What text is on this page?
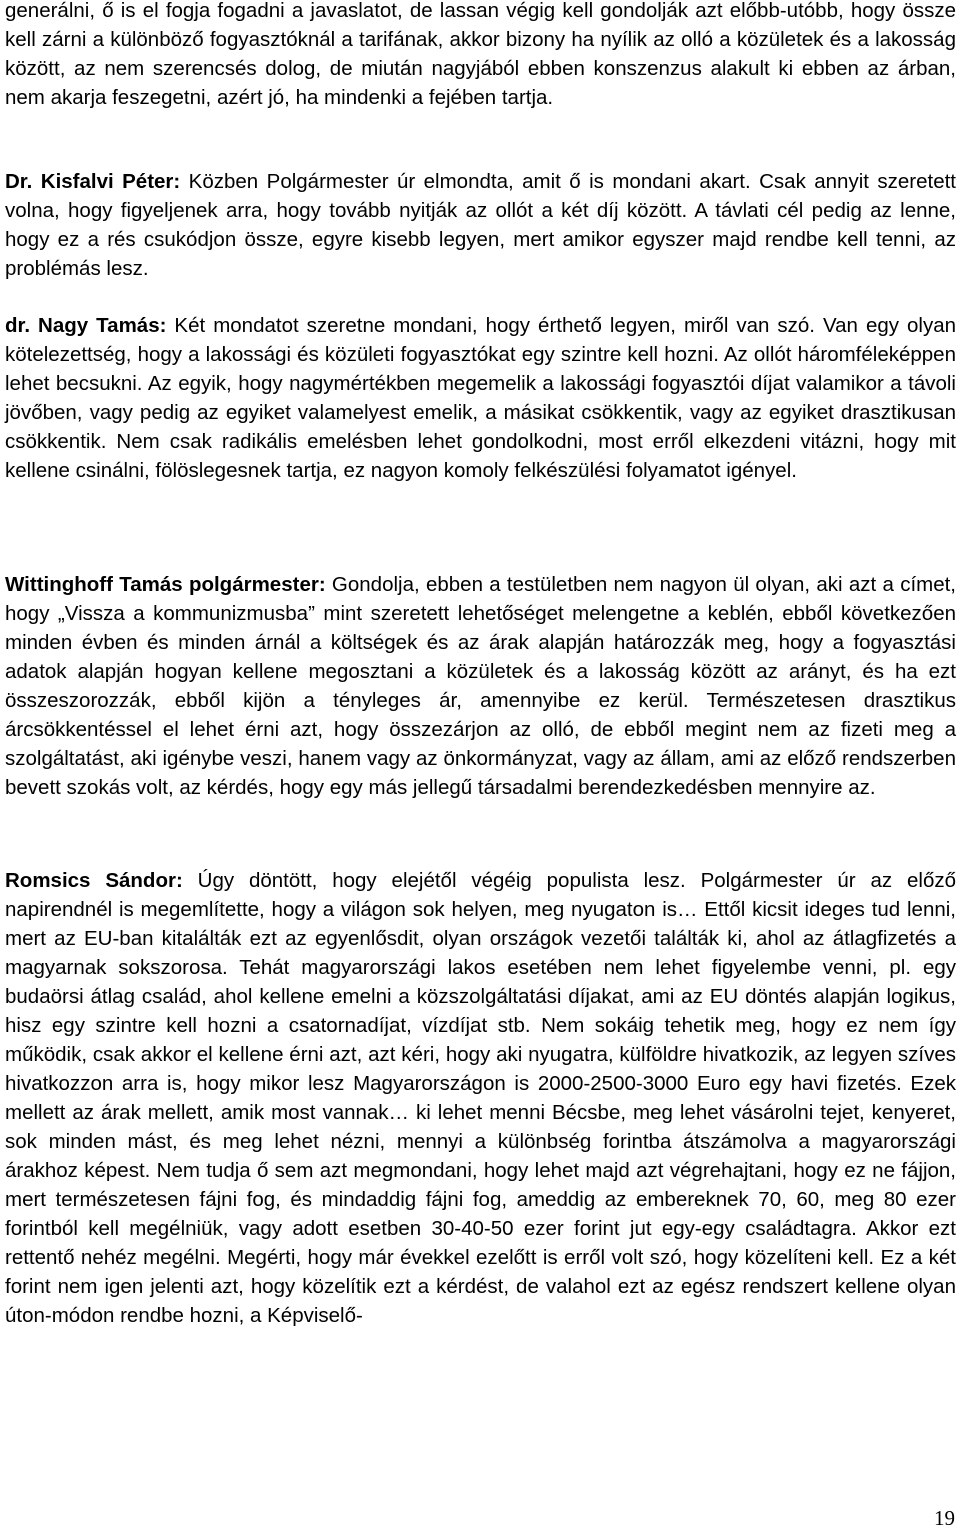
generálni, ő is el fogja fogadni a javaslatot, de lassan végig kell gondolják azt előbb-utóbb, hogy össze kell zárni a különböző fogyasztóknál a tarifának, akkor bizony ha nyílik az olló a közületek és a lakosság között, az nem szerencsés dolog, de miután nagyjából ebben konszenzus alakult ki ebben az árban, nem akarja feszegetni, azért jó, ha mindenki a fejében tartja.

Dr. Kisfalvi Péter: Közben Polgármester úr elmondta, amit ő is mondani akart. Csak annyit szeretett volna, hogy figyeljenek arra, hogy tovább nyitják az ollót a két díj között. A távlati cél pedig az lenne, hogy ez a rés csukódjon össze, egyre kisebb legyen, mert amikor egyszer majd rendbe kell tenni, az problémás lesz.

dr. Nagy Tamás: Két mondatot szeretne mondani, hogy érthető legyen, miről van szó. Van egy olyan kötelezettség, hogy a lakossági és közületi fogyasztókat egy szintre kell hozni. Az ollót háromféleképpen lehet becsukni. Az egyik, hogy nagymértékben megemelik a lakossági fogyasztói díjat valamikor a távoli jövőben, vagy pedig az egyiket valamelyest emelik, a másikat csökkentik, vagy az egyiket drasztikusan csökkentik. Nem csak radikális emelésben lehet gondolkodni, most erről elkezdeni vitázni, hogy mit kellene csinálni, fölöslegesnek tartja, ez nagyon komoly felkészülési folyamatot igényel.

Wittinghoff Tamás polgármester: Gondolja, ebben a testületben nem nagyon ül olyan, aki azt a címet, hogy „Vissza a kommunizmusba” mint szeretett lehetőséget melengetne a keblén, ebből következően minden évben és minden árnál a költségek és az árak alapján határozzák meg, hogy a fogyasztási adatok alapján hogyan kellene megosztani a közületek és a lakosság között az arányt, és ha ezt összeszorozzák, ebből kijön a tényleges ár, amennyibe ez kerül. Természetesen drasztikus árcsökkentéssel el lehet érni azt, hogy összezárjon az olló, de ebből megint nem az fizeti meg a szolgáltatást, aki igénybe veszi, hanem vagy az önkormányzat, vagy az állam, ami az előző rendszerben bevett szokás volt, az kérdés, hogy egy más jellegű társadalmi berendezkedésben mennyire az.

Romsics Sándor: Úgy döntött, hogy elejétől végéig populista lesz. Polgármester úr az előző napirendnél is megemlítette, hogy a világon sok helyen, meg nyugaton is… Ettől kicsit ideges tud lenni, mert az EU-ban kitalálták ezt az egyenlősdit, olyan országok vezetői találták ki, ahol az átlagfizetés a magyarnak sokszorosa. Tehát magyarországi lakos esetében nem lehet figyelembe venni, pl. egy budaörsi átlag család, ahol kellene emelni a közszolgáltatási díjakat, ami az EU döntés alapján logikus, hisz egy szintre kell hozni a csatornadíjat, vízdíjat stb. Nem sokáig tehetik meg, hogy ez nem így működik, csak akkor el kellene érni azt, azt kéri, hogy aki nyugatra, külföldre hivatkozik, az legyen szíves hivatkozzon arra is, hogy mikor lesz Magyarországon is 2000-2500-3000 Euro egy havi fizetés. Ezek mellett az árak mellett, amik most vannak… ki lehet menni Bécsbe, meg lehet vásárolni tejet, kenyeret, sok minden mást, és meg lehet nézni, mennyi a különbség forintba átszámolva a magyarországi árakhoz képest. Nem tudja ő sem azt megmondani, hogy lehet majd azt végrehajtani, hogy ez ne fájjon, mert természetesen fájni fog, és mindaddig fájni fog, ameddig az embereknek 70, 60, meg 80 ezer forintból kell megélniük, vagy adott esetben 30-40-50 ezer forint jut egy-egy családtagra. Akkor ezt rettentő nehéz megélni. Megérti, hogy már évekkel ezelőtt is erről volt szó, hogy közelíteni kell. Ez a két forint nem igen jelenti azt, hogy közelítik ezt a kérdést, de valahol ezt az egész rendszert kellene olyan úton-módon rendbe hozni, a Képviselő-

19
